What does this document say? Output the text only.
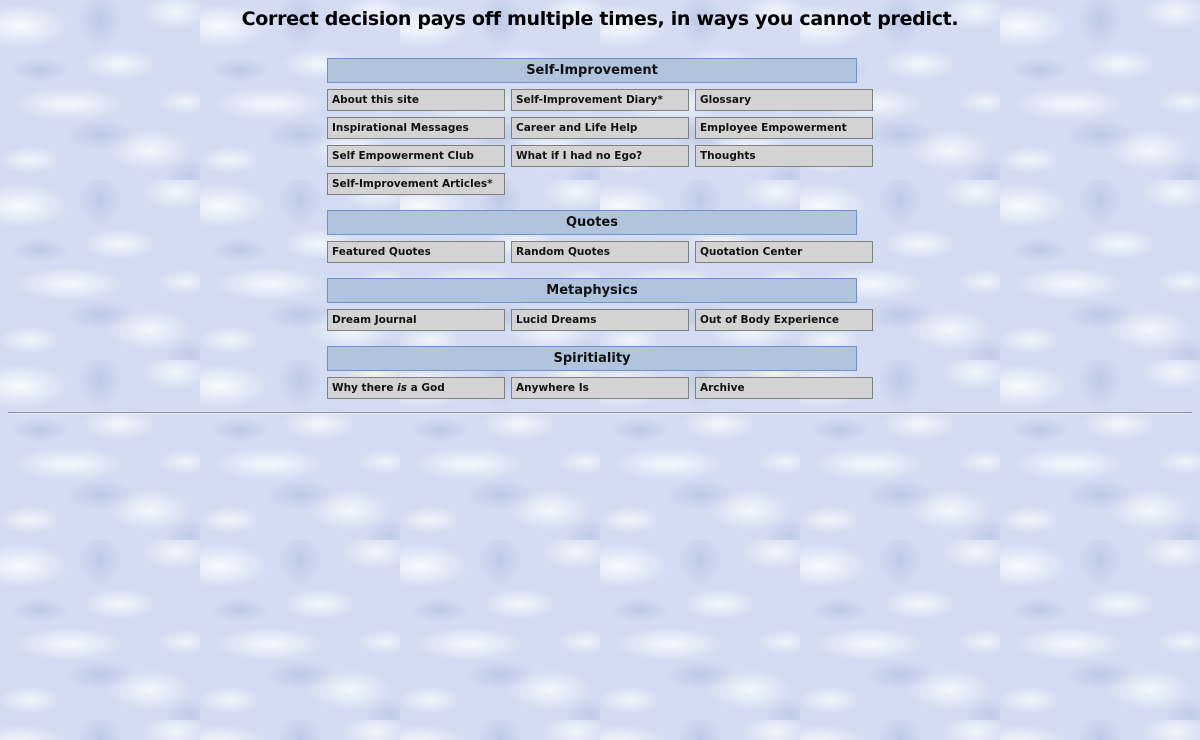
Correct decision pays off multiple times, in ways you cannot predict.
Self-Improvement
About this site	Self-Improvement Diary*	Glossary
Inspirational Messages	Career and Life Help	Employee Empowerment
Self Empowerment Club	What if I had no Ego?	Thoughts
Self-Improvement Articles*
Quotes
Featured Quotes	Random Quotes	Quotation Center
Metaphysics
Dream Journal	Lucid Dreams	Out of Body Experience
Spiritiality
Why there is a God	Anywhere Is	Archive
